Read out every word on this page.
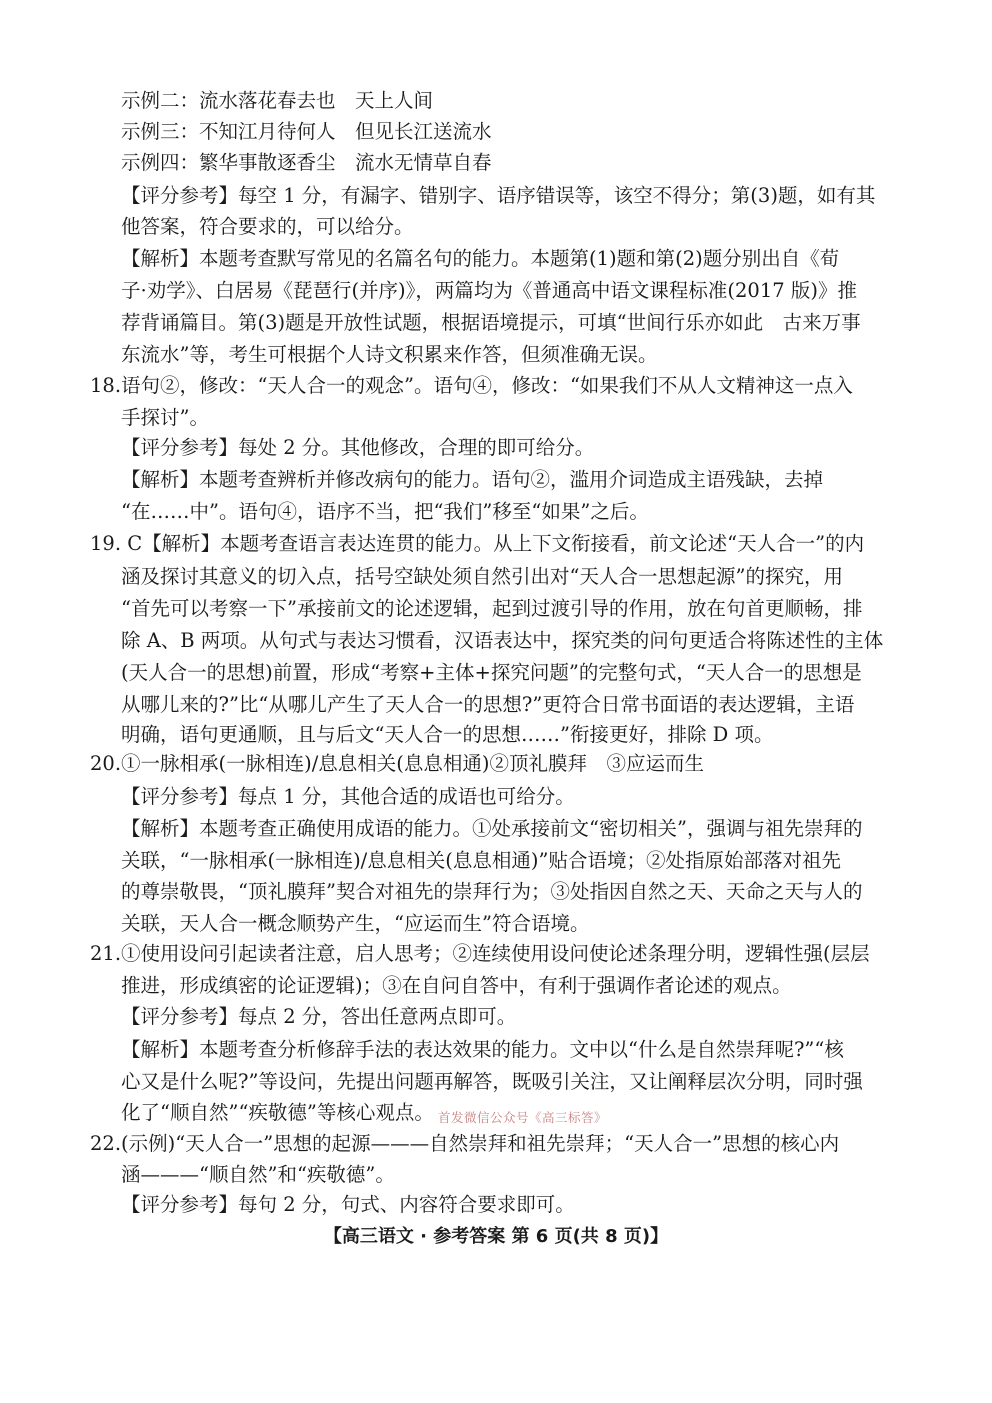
示例二：流水落花春去也　天上人间
示例三：不知江月待何人　但见长江送流水
示例四：繁华事散逐香尘　流水无情草自春
【评分参考】每空 1 分，有漏字、错别字、语序错误等，该空不得分；第(3)题，如有其
他答案，符合要求的，可以给分。
【解析】本题考查默写常见的名篇名句的能力。本题第(1)题和第(2)题分别出自《荀
子·劝学》、白居易《琵琶行(并序)》，两篇均为《普通高中语文课程标准(2017 版)》推
荐背诵篇目。第(3)题是开放性试题，根据语境提示，可填“世间行乐亦如此　古来万事
东流水”等，考生可根据个人诗文积累来作答，但须准确无误。
18.语句②，修改：“天人合一的观念”。语句④，修改：“如果我们不从人文精神这一点入
手探讨”。
【评分参考】每处 2 分。其他修改，合理的即可给分。
【解析】本题考查辨析并修改病句的能力。语句②，滥用介词造成主语残缺，去掉
“在……中”。语句④，语序不当，把“我们”移至“如果”之后。
19. C【解析】本题考查语言表达连贯的能力。从上下文衔接看，前文论述“天人合一”的内
涵及探讨其意义的切入点，括号空缺处须自然引出对“天人合一思想起源”的探究，用
“首先可以考察一下”承接前文的论述逻辑，起到过渡引导的作用，放在句首更顺畅，排
除 A、B 两项。从句式与表达习惯看，汉语表达中，探究类的问句更适合将陈述性的主体
(天人合一的思想)前置，形成“考察+主体+探究问题”的完整句式，“天人合一的思想是
从哪儿来的?”比“从哪儿产生了天人合一的思想?”更符合日常书面语的表达逻辑，主语
明确，语句更通顺，且与后文“天人合一的思想……”衔接更好，排除 D 项。
20.①一脉相承(一脉相连)/息息相关(息息相通)②顶礼膜拜　③应运而生
【评分参考】每点 1 分，其他合适的成语也可给分。
【解析】本题考查正确使用成语的能力。①处承接前文“密切相关”，强调与祖先崇拜的
关联，“一脉相承(一脉相连)/息息相关(息息相通)”贴合语境；②处指原始部落对祖先
的尊崇敬畏，“顶礼膜拜”契合对祖先的崇拜行为；③处指因自然之天、天命之天与人的
关联，天人合一概念顺势产生，“应运而生”符合语境。
21.①使用设问引起读者注意，启人思考；②连续使用设问使论述条理分明，逻辑性强(层层
推进，形成缜密的论证逻辑)；③在自问自答中，有利于强调作者论述的观点。
【评分参考】每点 2 分，答出任意两点即可。
【解析】本题考查分析修辞手法的表达效果的能力。文中以“什么是自然崇拜呢?”“核
心又是什么呢?”等设问，先提出问题再解答，既吸引关注，又让阐释层次分明，同时强
化了“顺自然”“疾敬德”等核心观点。 首发微信公众号《高三标答》
22.(示例)“天人合一”思想的起源———自然崇拜和祖先崇拜；“天人合一”思想的核心内
涵———“顺自然”和“疾敬德”。
【评分参考】每句 2 分，句式、内容符合要求即可。
【高三语文 · 参考答案 第 6 页(共 8 页)】
